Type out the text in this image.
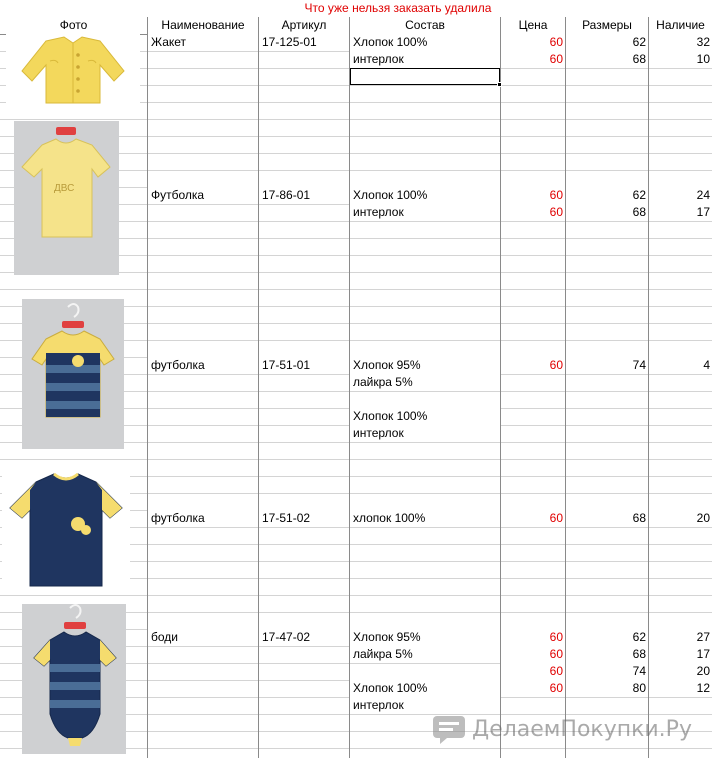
Что уже нельзя заказать удалила
Фото	Наименование	Артикул	Состав	Цена	Размеры	Наличие
Жакет	17-125-01	Хлопок 100%	60	62	32
интерлок	60	68	10
Футболка	17-86-01	Хлопок 100%	60	62	24
интерлок	60	68	17
футболка	17-51-01	Хлопок 95%	60	74	4
лайкра 5%
Хлопок 100%
интерлок
футболка	17-51-02	хлопок 100%	60	68	20
боди	17-47-02	Хлопок 95%	60	62	27
лайкра 5%	60	68	17
60	74	20
Хлопок 100%	60	80	12
интерлок
ДВС
ДелаемПокупки.Ру
